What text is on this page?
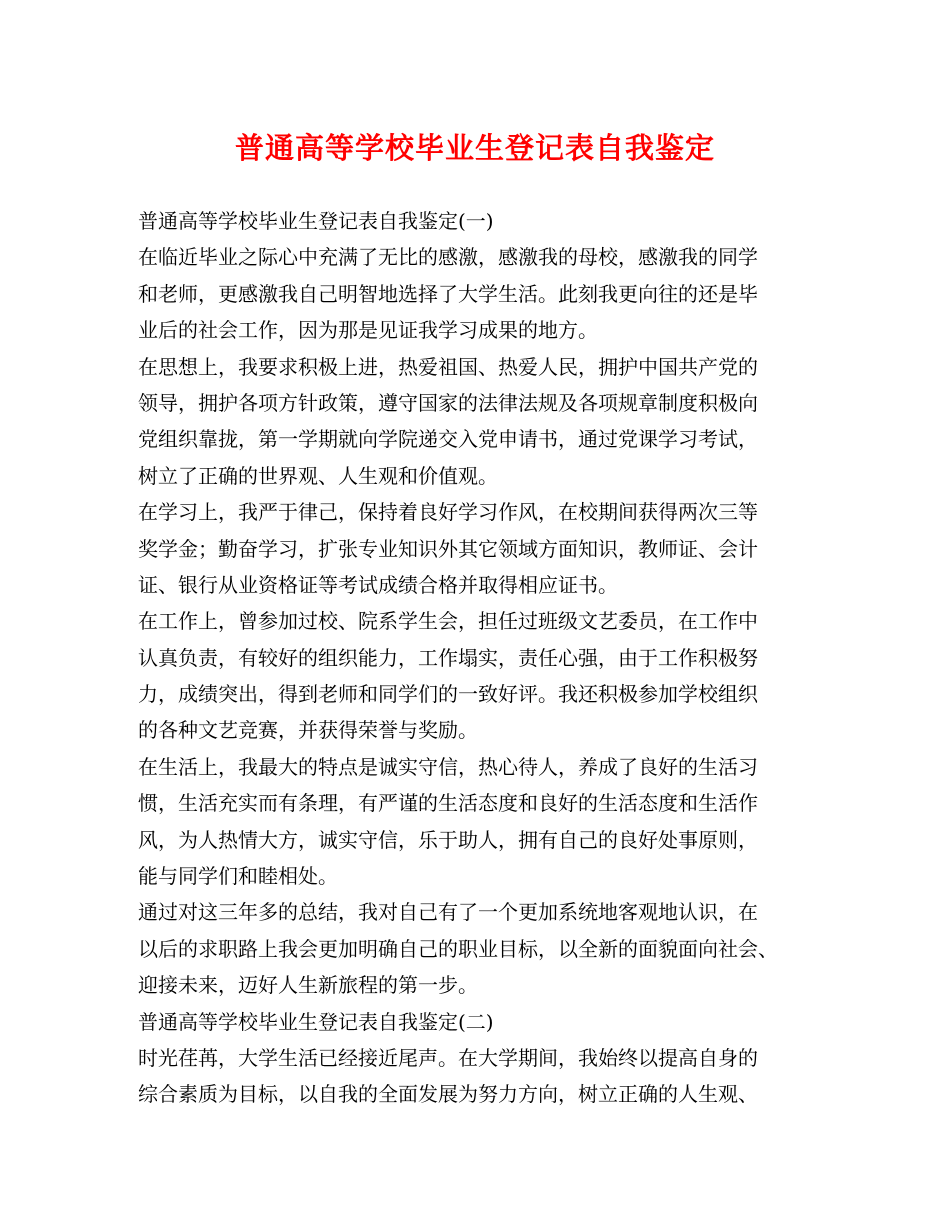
普通高等学校毕业生登记表自我鉴定
普通高等学校毕业生登记表自我鉴定(一)
在临近毕业之际心中充满了无比的感激，感激我的母校，感激我的同学
和老师，更感激我自己明智地选择了大学生活。此刻我更向往的还是毕
业后的社会工作，因为那是见证我学习成果的地方。
在思想上，我要求积极上进，热爱祖国、热爱人民，拥护中国共产党的
领导，拥护各项方针政策，遵守国家的法律法规及各项规章制度积极向
党组织靠拢，第一学期就向学院递交入党申请书，通过党课学习考试，
树立了正确的世界观、人生观和价值观。
在学习上，我严于律己，保持着良好学习作风，在校期间获得两次三等
奖学金；勤奋学习，扩张专业知识外其它领域方面知识，教师证、会计
证、银行从业资格证等考试成绩合格并取得相应证书。
在工作上，曾参加过校、院系学生会，担任过班级文艺委员，在工作中
认真负责，有较好的组织能力，工作塌实，责任心强，由于工作积极努
力，成绩突出，得到老师和同学们的一致好评。我还积极参加学校组织
的各种文艺竞赛，并获得荣誉与奖励。
在生活上，我最大的特点是诚实守信，热心待人，养成了良好的生活习
惯，生活充实而有条理，有严谨的生活态度和良好的生活态度和生活作
风，为人热情大方，诚实守信，乐于助人，拥有自己的良好处事原则，
能与同学们和睦相处。
通过对这三年多的总结，我对自己有了一个更加系统地客观地认识，在
以后的求职路上我会更加明确自己的职业目标，以全新的面貌面向社会、
迎接未来，迈好人生新旅程的第一步。
普通高等学校毕业生登记表自我鉴定(二)
时光荏苒，大学生活已经接近尾声。在大学期间，我始终以提高自身的
综合素质为目标，以自我的全面发展为努力方向，树立正确的人生观、
